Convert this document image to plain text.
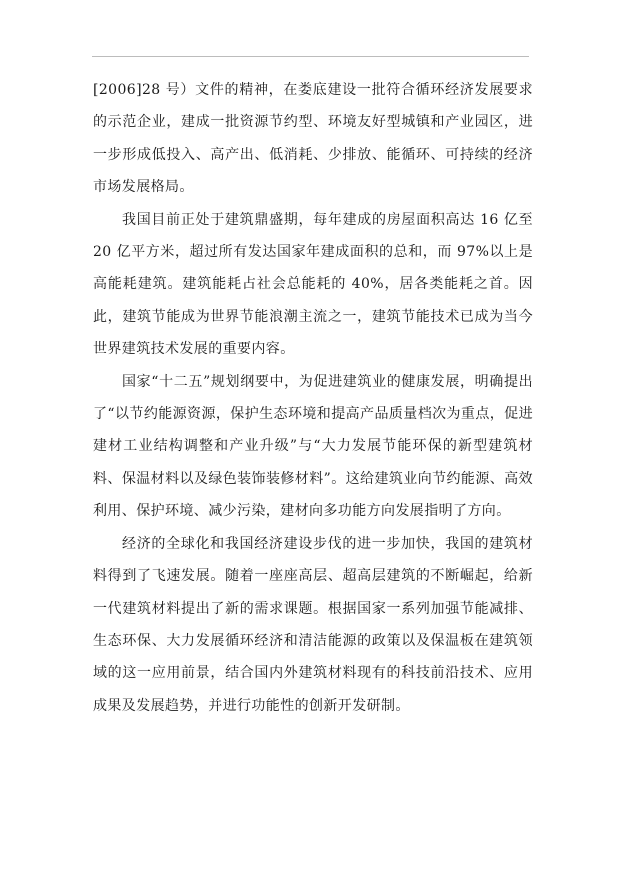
[2006]28 号）文件的精神，在娄底建设一批符合循环经济发展要求的示范企业，建成一批资源节约型、环境友好型城镇和产业园区，进一步形成低投入、高产出、低消耗、少排放、能循环、可持续的经济市场发展格局。

我国目前正处于建筑鼎盛期，每年建成的房屋面积高达 16 亿至 20 亿平方米，超过所有发达国家年建成面积的总和，而 97%以上是高能耗建筑。建筑能耗占社会总能耗的 40%，居各类能耗之首。因此，建筑节能成为世界节能浪潮主流之一，建筑节能技术已成为当今世界建筑技术发展的重要内容。

国家“十二五”规划纲要中，为促进建筑业的健康发展，明确提出了“以节约能源资源，保护生态环境和提高产品质量档次为重点，促进建材工业结构调整和产业升级”与“大力发展节能环保的新型建筑材料、保温材料以及绿色装饰装修材料”。这给建筑业向节约能源、高效利用、保护环境、减少污染，建材向多功能方向发展指明了方向。

经济的全球化和我国经济建设步伐的进一步加快，我国的建筑材料得到了飞速发展。随着一座座高层、超高层建筑的不断崛起，给新一代建筑材料提出了新的需求课题。根据国家一系列加强节能减排、生态环保、大力发展循环经济和清洁能源的政策以及保温板在建筑领域的这一应用前景，结合国内外建筑材料现有的科技前沿技术、应用成果及发展趋势，并进行功能性的创新开发研制。
